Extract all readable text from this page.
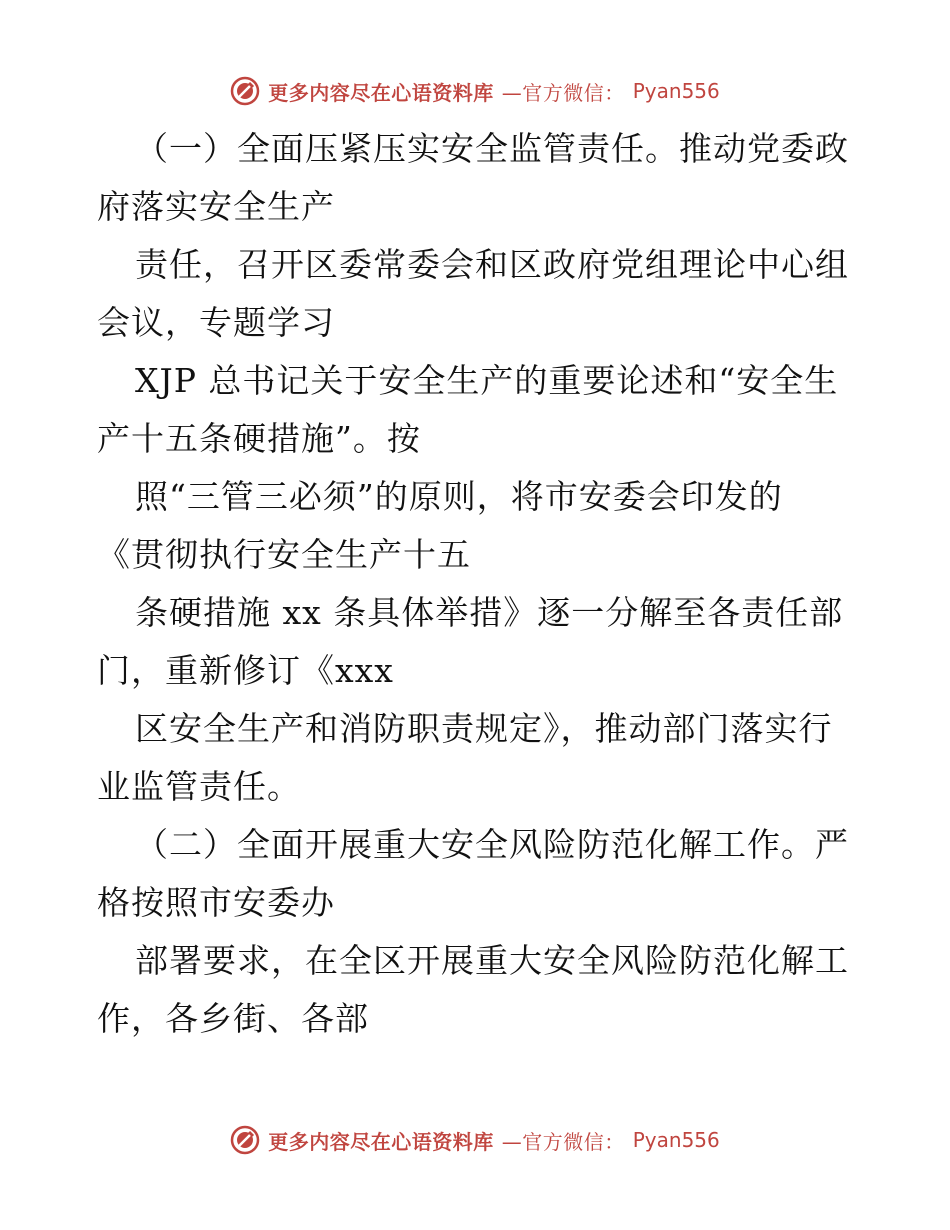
更多内容尽在心语资料库 —官方微信： Pyan556
（一）全面压紧压实安全监管责任。推动党委政
府落实安全生产
责任，召开区委常委会和区政府党组理论中心组
会议，专题学习
XJP 总书记关于安全生产的重要论述和“安全生
产十五条硬措施”。按
照“三管三必须”的原则，将市安委会印发的
《贯彻执行安全生产十五
条硬措施 xx 条具体举措》逐一分解至各责任部
门，重新修订《xxx
区安全生产和消防职责规定》，推动部门落实行
业监管责任。
（二）全面开展重大安全风险防范化解工作。严
格按照市安委办
部署要求，在全区开展重大安全风险防范化解工
作，各乡街、各部
更多内容尽在心语资料库 —官方微信： Pyan556
